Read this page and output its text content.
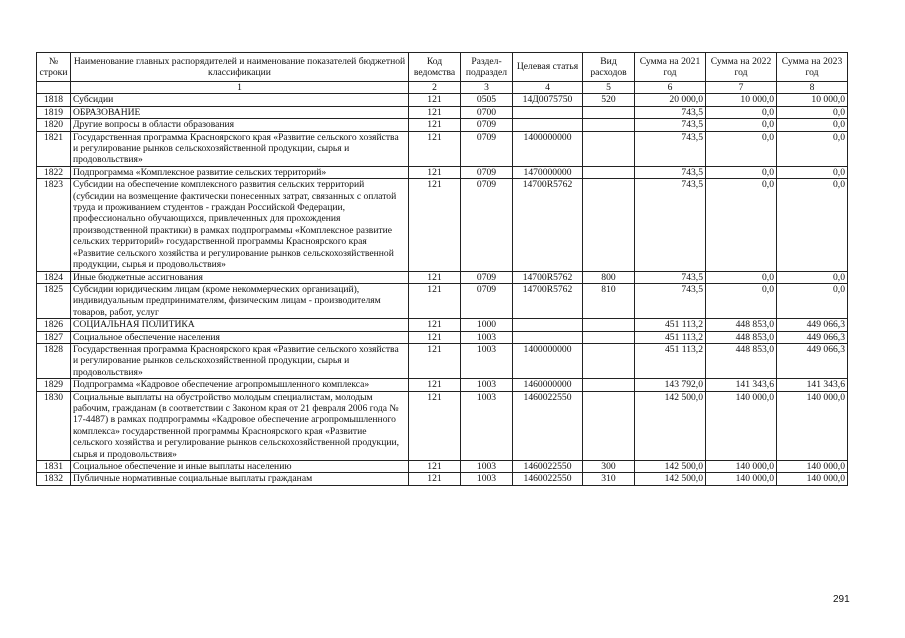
№ строки	Наименование главных распорядителей и наименование показателей бюджетной классификации	Код ведомства	Раздел-подраздел	Целевая статья	Вид расходов	Сумма на 2021 год	Сумма на 2022 год	Сумма на 2023 год
	1	2	3	4	5	6	7	8
1818	Субсидии	121	0505	14Д0075750	520	20 000,0	10 000,0	10 000,0
1819	ОБРАЗОВАНИЕ	121	0700			743,5	0,0	0,0
1820	Другие вопросы в области образования	121	0709			743,5	0,0	0,0
1821	Государственная программа Красноярского края «Развитие сельского хозяйства и регулирование рынков сельскохозяйственной продукции, сырья и продовольствия»	121	0709	1400000000		743,5	0,0	0,0
1822	Подпрограмма «Комплексное развитие сельских территорий»	121	0709	1470000000		743,5	0,0	0,0
1823	Субсидии на обеспечение комплексного развития сельских территорий (субсидии на возмещение фактически понесенных затрат, связанных с оплатой труда и проживанием студентов - граждан Российской Федерации, профессионально обучающихся, привлеченных для прохождения производственной практики) в рамках подпрограммы «Комплексное развитие сельских территорий» государственной программы Красноярского края «Развитие сельского хозяйства и регулирование рынков сельскохозяйственной продукции, сырья и продовольствия»	121	0709	14700R5762		743,5	0,0	0,0
1824	Иные бюджетные ассигнования	121	0709	14700R5762	800	743,5	0,0	0,0
1825	Субсидии юридическим лицам (кроме некоммерческих организаций), индивидуальным предпринимателям, физическим лицам - производителям товаров, работ, услуг	121	0709	14700R5762	810	743,5	0,0	0,0
1826	СОЦИАЛЬНАЯ ПОЛИТИКА	121	1000			451 113,2	448 853,0	449 066,3
1827	Социальное обеспечение населения	121	1003			451 113,2	448 853,0	449 066,3
1828	Государственная программа Красноярского края «Развитие сельского хозяйства и регулирование рынков сельскохозяйственной продукции, сырья и продовольствия»	121	1003	1400000000		451 113,2	448 853,0	449 066,3
1829	Подпрограмма «Кадровое обеспечение агропромышленного комплекса»	121	1003	1460000000		143 792,0	141 343,6	141 343,6
1830	Социальные выплаты на обустройство молодым специалистам, молодым рабочим, гражданам (в соответствии с Законом края от 21 февраля 2006 года № 17-4487) в рамках подпрограммы «Кадровое обеспечение агропромышленного комплекса» государственной программы Красноярского края «Развитие сельского хозяйства и регулирование рынков сельскохозяйственной продукции, сырья и продовольствия»	121	1003	1460022550		142 500,0	140 000,0	140 000,0
1831	Социальное обеспечение и иные выплаты населению	121	1003	1460022550	300	142 500,0	140 000,0	140 000,0
1832	Публичные нормативные социальные выплаты гражданам	121	1003	1460022550	310	142 500,0	140 000,0	140 000,0
291
